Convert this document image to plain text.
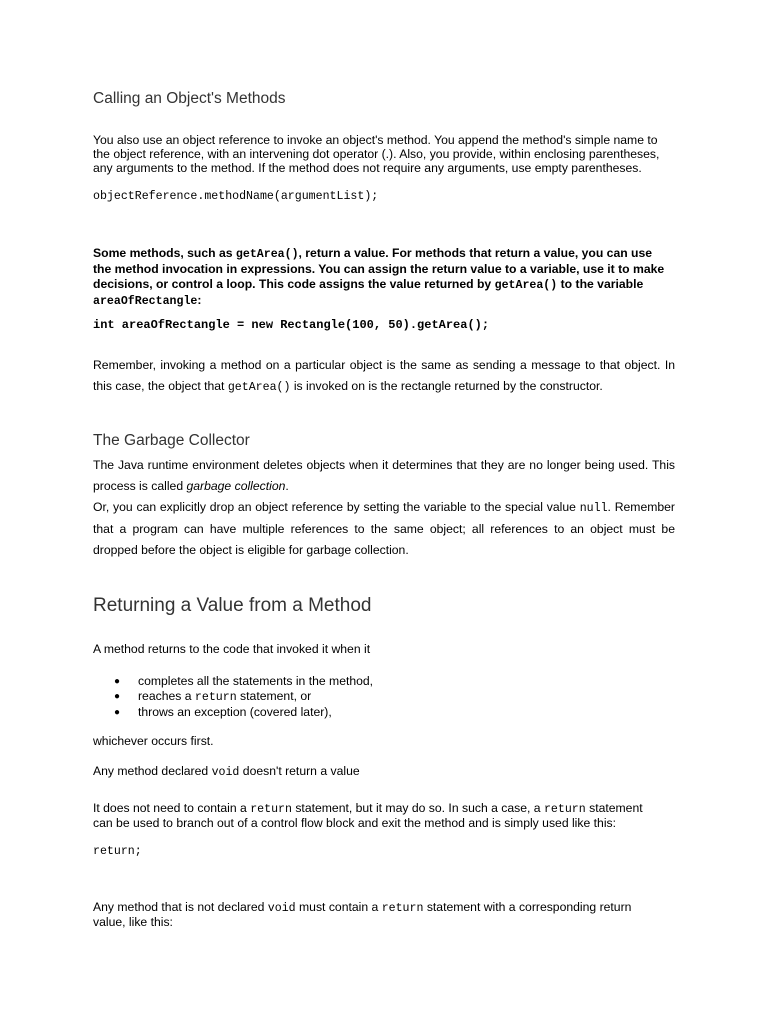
Calling an Object's Methods

You also use an object reference to invoke an object's method. You append the method's simple name to the object reference, with an intervening dot operator (.). Also, you provide, within enclosing parentheses, any arguments to the method. If the method does not require any arguments, use empty parentheses.

objectReference.methodName(argumentList);

Some methods, such as getArea(), return a value. For methods that return a value, you can use the method invocation in expressions. You can assign the return value to a variable, use it to make decisions, or control a loop. This code assigns the value returned by getArea() to the variable areaOfRectangle:

int areaOfRectangle = new Rectangle(100, 50).getArea();

Remember, invoking a method on a particular object is the same as sending a message to that object. In this case, the object that getArea() is invoked on is the rectangle returned by the constructor.

The Garbage Collector

The Java runtime environment deletes objects when it determines that they are no longer being used. This process is called garbage collection.
Or, you can explicitly drop an object reference by setting the variable to the special value null. Remember that a program can have multiple references to the same object; all references to an object must be dropped before the object is eligible for garbage collection.

Returning a Value from a Method

A method returns to the code that invoked it when it

● completes all the statements in the method,
● reaches a return statement, or
● throws an exception (covered later),

whichever occurs first.

Any method declared void doesn't return a value

It does not need to contain a return statement, but it may do so. In such a case, a return statement can be used to branch out of a control flow block and exit the method and is simply used like this:

return;

Any method that is not declared void must contain a return statement with a corresponding return value, like this:
